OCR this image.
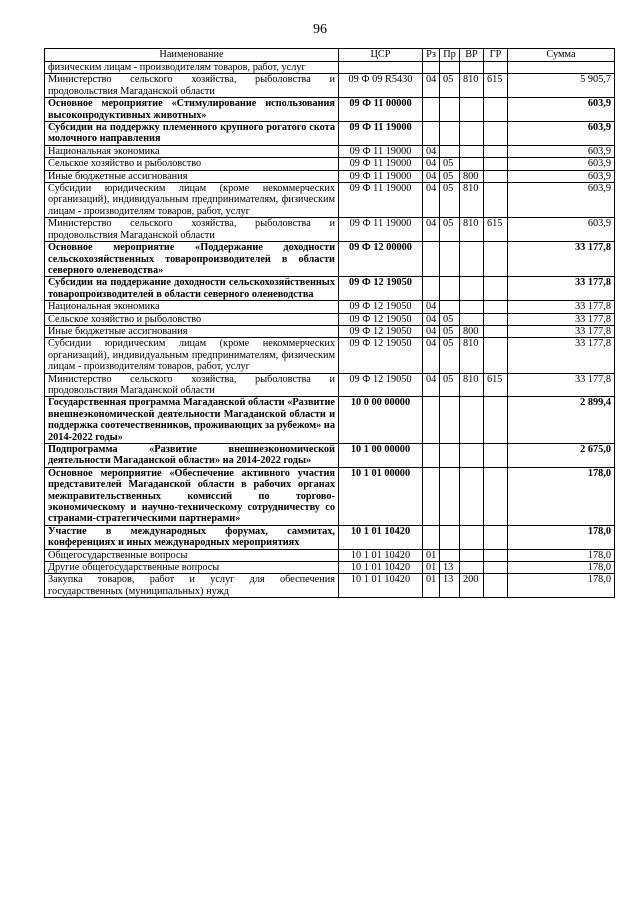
96
Наименование	ЦСР	Рз	Пр	ВР	ГР	Сумма
физическим лицам - производителям товаров, работ, услуг						
Министерство сельского хозяйства, рыболовства и продовольствия Магаданской области	09 Ф 09 R5430	04	05	810	615	5 905,7
Основное мероприятие «Стимулирование использования высокопродуктивных животных»	09 Ф 11 00000					603,9
Субсидии на поддержку племенного крупного рогатого скота молочного направления	09 Ф 11 19000					603,9
Национальная экономика	09 Ф 11 19000	04				603,9
Сельское хозяйство и рыболовство	09 Ф 11 19000	04	05			603,9
Иные бюджетные ассигнования	09 Ф 11 19000	04	05	800		603,9
Субсидии юридическим лицам (кроме некоммерческих организаций), индивидуальным предпринимателям, физическим лицам - производителям товаров, работ, услуг	09 Ф 11 19000	04	05	810		603,9
Министерство сельского хозяйства, рыболовства и продовольствия Магаданской области	09 Ф 11 19000	04	05	810	615	603,9
Основное мероприятие «Поддержание доходности сельскохозяйственных товаропроизводителей в области северного оленеводства»	09 Ф 12 00000					33 177,8
Субсидии на поддержание доходности сельскохозяйственных товаропроизводителей в области северного оленеводства	09 Ф 12 19050					33 177,8
Национальная экономика	09 Ф 12 19050	04				33 177,8
Сельское хозяйство и рыболовство	09 Ф 12 19050	04	05			33 177,8
Иные бюджетные ассигнования	09 Ф 12 19050	04	05	800		33 177,8
Субсидии юридическим лицам (кроме некоммерческих организаций), индивидуальным предпринимателям, физическим лицам - производителям товаров, работ, услуг	09 Ф 12 19050	04	05	810		33 177,8
Министерство сельского хозяйства, рыболовства и продовольствия Магаданской области	09 Ф 12 19050	04	05	810	615	33 177,8
Государственная программа Магаданской области «Развитие внешнеэкономической деятельности Магаданской области и поддержка соотечественников, проживающих за рубежом» на 2014-2022 годы»	10 0 00 00000					2 899,4
Подпрограмма «Развитие внешнеэкономической деятельности Магаданской области» на 2014-2022 годы»	10 1 00 00000					2 675,0
Основное мероприятие «Обеспечение активного участия представителей Магаданской области в рабочих органах межправительственных комиссий по торгово-экономическому и научно-техническому сотрудничеству со странами-стратегическими партнерами»	10 1 01 00000					178,0
Участие в международных форумах, саммитах, конференциях и иных международных мероприятиях	10 1 01 10420					178,0
Общегосударственные вопросы	10 1 01 10420	01				178,0
Другие общегосударственные вопросы	10 1 01 10420	01	13			178,0
Закупка товаров, работ и услуг для обеспечения государственных (муниципальных) нужд	10 1 01 10420	01	13	200		178,0
